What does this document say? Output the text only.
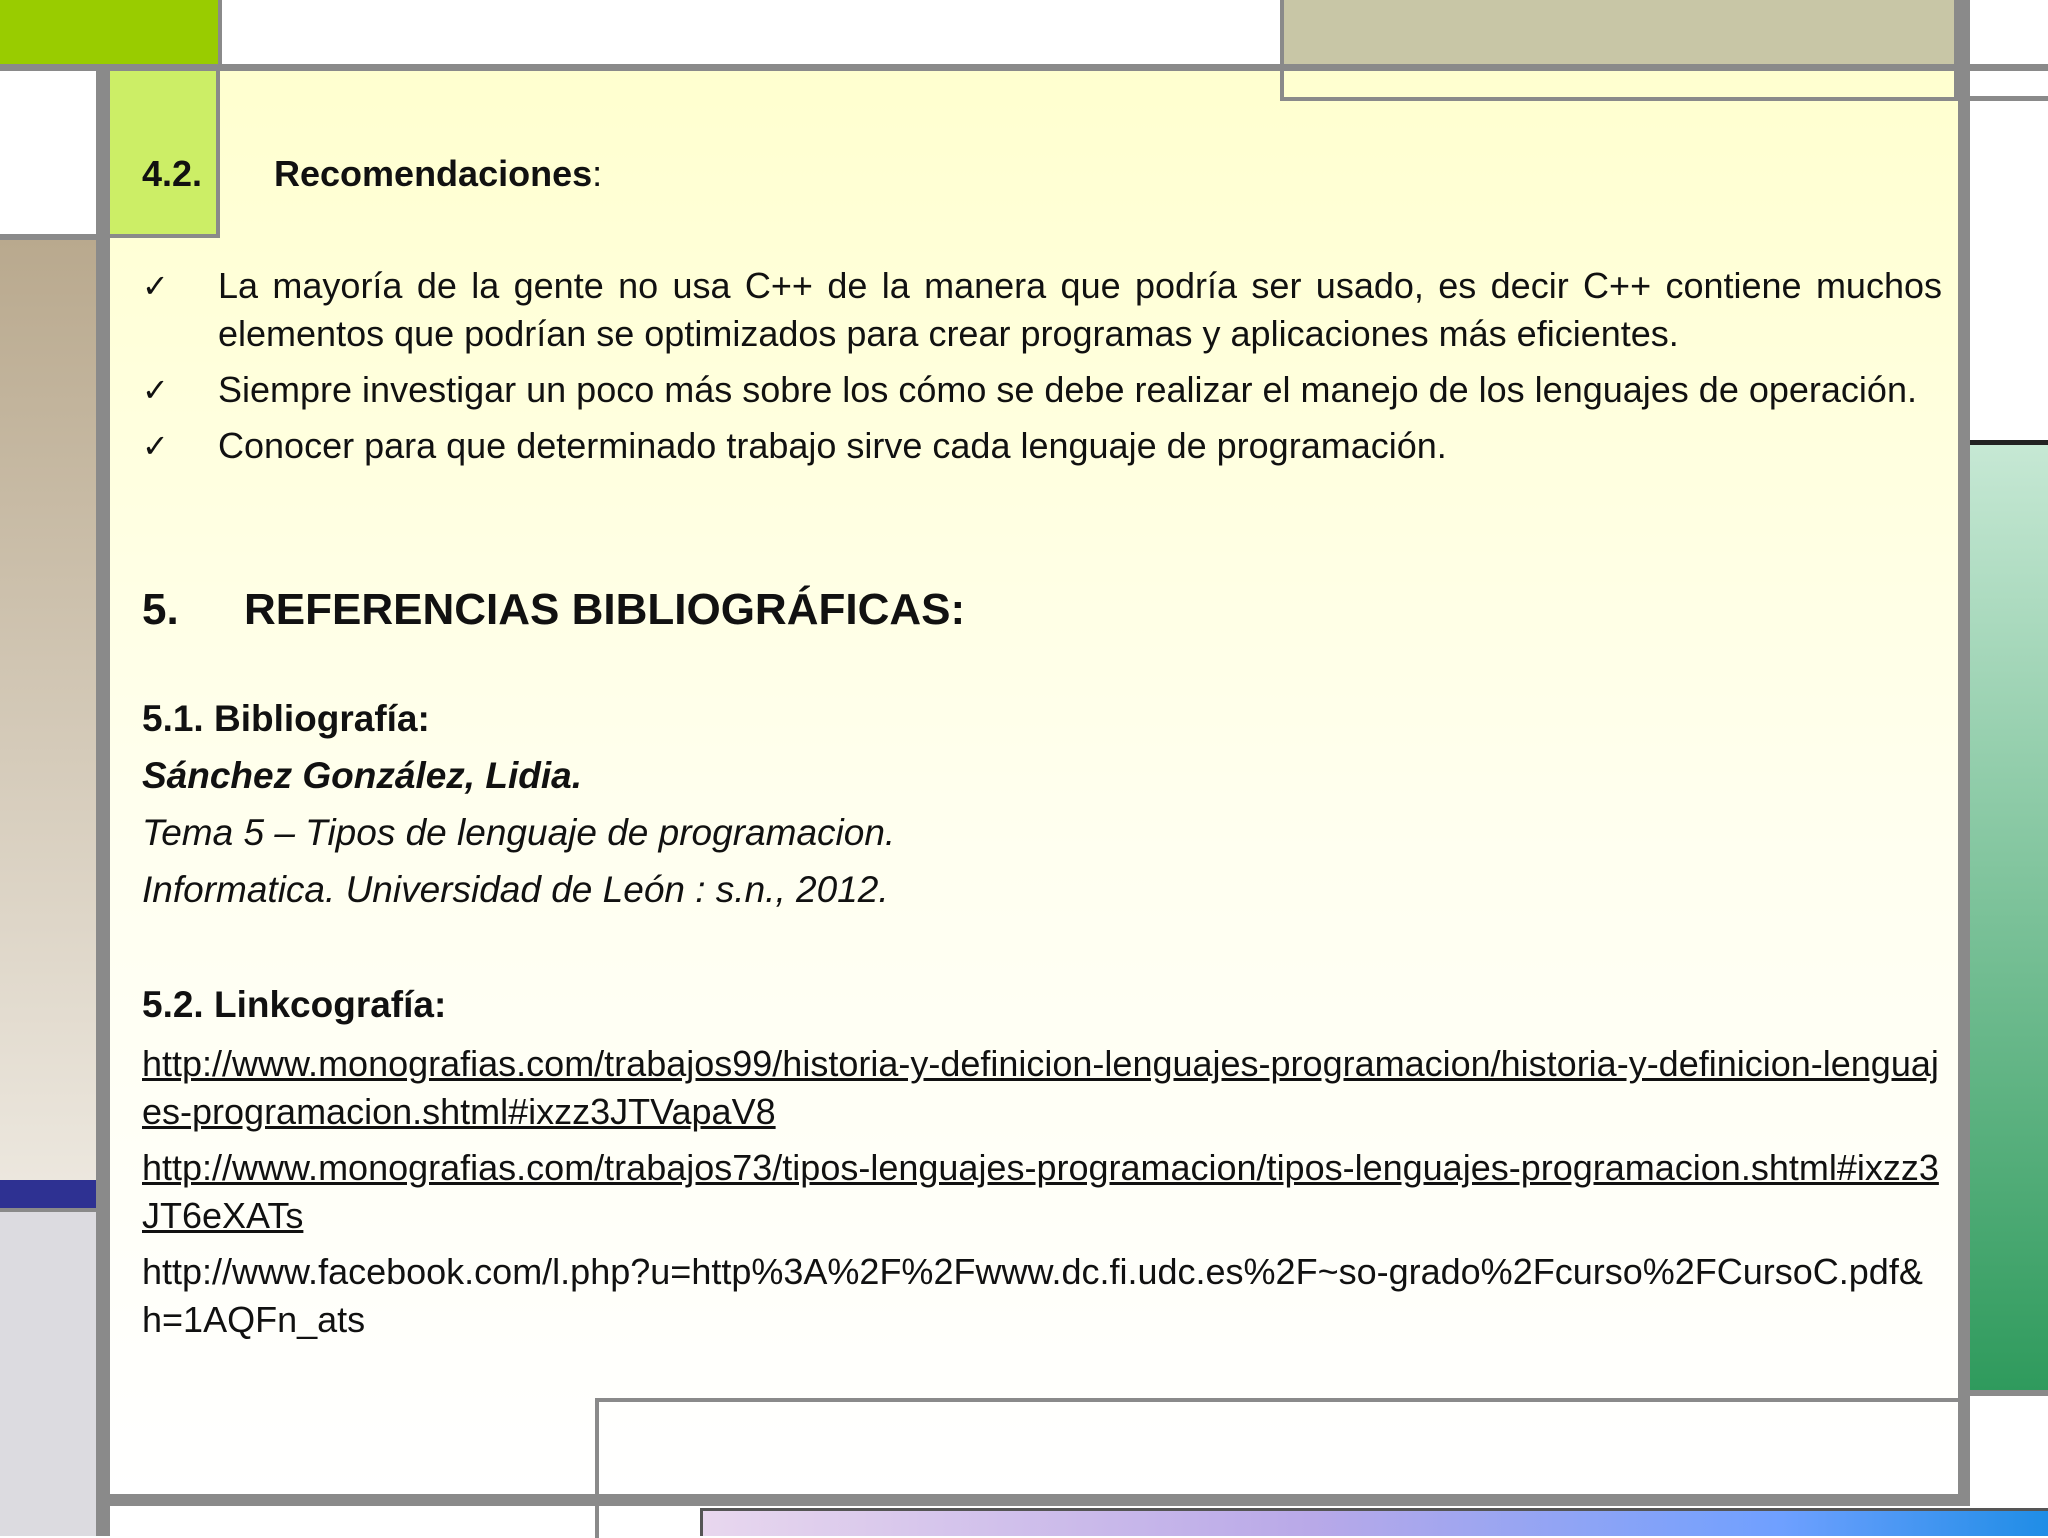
4.2. Recomendaciones:

✓ La mayoría de la gente no usa C++ de la manera que podría ser usado, es decir C++ contiene muchos elementos que podrían se optimizados para crear programas y aplicaciones más eficientes.
✓ Siempre investigar un poco más sobre los cómo se debe realizar el manejo de los lenguajes de operación.
✓ Conocer para que determinado trabajo sirve cada lenguaje de programación.

5. REFERENCIAS BIBLIOGRÁFICAS:

5.1. Bibliografía:

Sánchez González, Lidia.

Tema 5 – Tipos de lenguaje de programacion.

Informatica. Universidad de León : s.n., 2012.

5.2. Linkcografía:

http://www.monografias.com/trabajos99/historia-y-definicion-lenguajes-programacion/historia-y-definicion-lenguajes-programacion.shtml#ixzz3JTVapaV8

http://www.monografias.com/trabajos73/tipos-lenguajes-programacion/tipos-lenguajes-programacion.shtml#ixzz3JT6eXATs

http://www.facebook.com/l.php?u=http%3A%2F%2Fwww.dc.fi.udc.es%2F~so-grado%2Fcurso%2FCursoC.pdf&h=1AQFn_ats
